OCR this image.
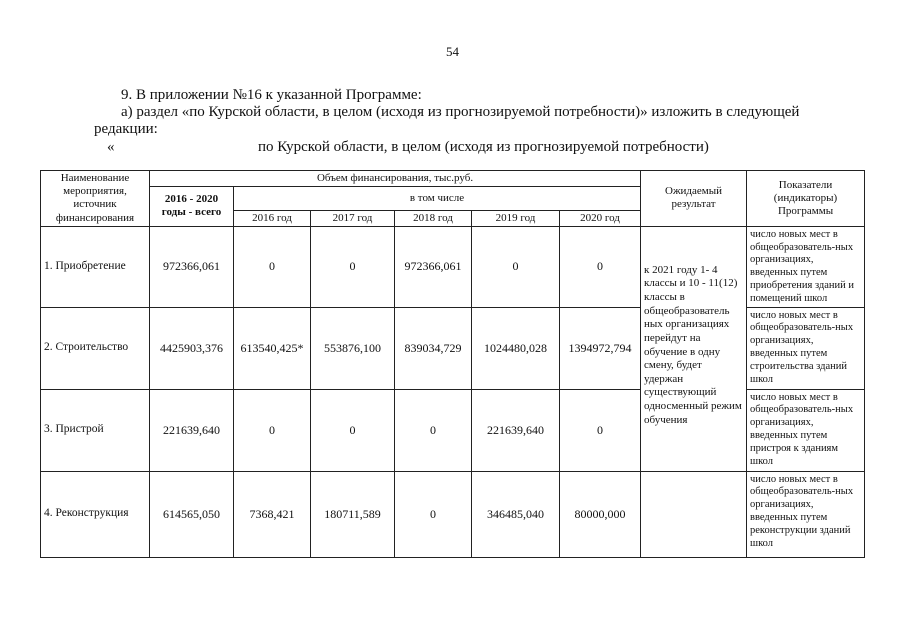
54
9. В приложении №16 к указанной Программе:
а) раздел «по Курской области, в целом (исходя из прогнозируемой потребности)» изложить в следующей
редакции:
«	по Курской области, в целом (исходя из прогнозируемой потребности)
Наименование мероприятия, источник финансирования	Объем финансирования, тыс.руб.						Ожидаемый результат	Показатели (индикаторы) Программы
	2016 - 2020 годы - всего	в том числе						
		2016 год	2017 год	2018 год	2019 год	2020 год		
1. Приобретение	972366,061	0	0	972366,061	0	0	к 2021 году 1- 4 классы и 10 - 11(12) классы в общеобразователь ных организациях перейдут на обучение в одну смену, будет удержан существующий односменный режим обучения	число новых мест в общеобразователь-ных организациях, введенных путем приобретения зданий и помещений школ
2. Строительство	4425903,376	613540,425*	553876,100	839034,729	1024480,028	1394972,794		число новых мест в общеобразователь-ных организациях, введенных путем строительства зданий школ
3. Пристрой	221639,640	0	0	0	221639,640	0		число новых мест в общеобразователь-ных организациях, введенных путем пристроя к зданиям школ
4. Реконструкция	614565,050	7368,421	180711,589	0	346485,040	80000,000		число новых мест в общеобразователь-ных организациях, введенных путем реконструкции зданий школ
